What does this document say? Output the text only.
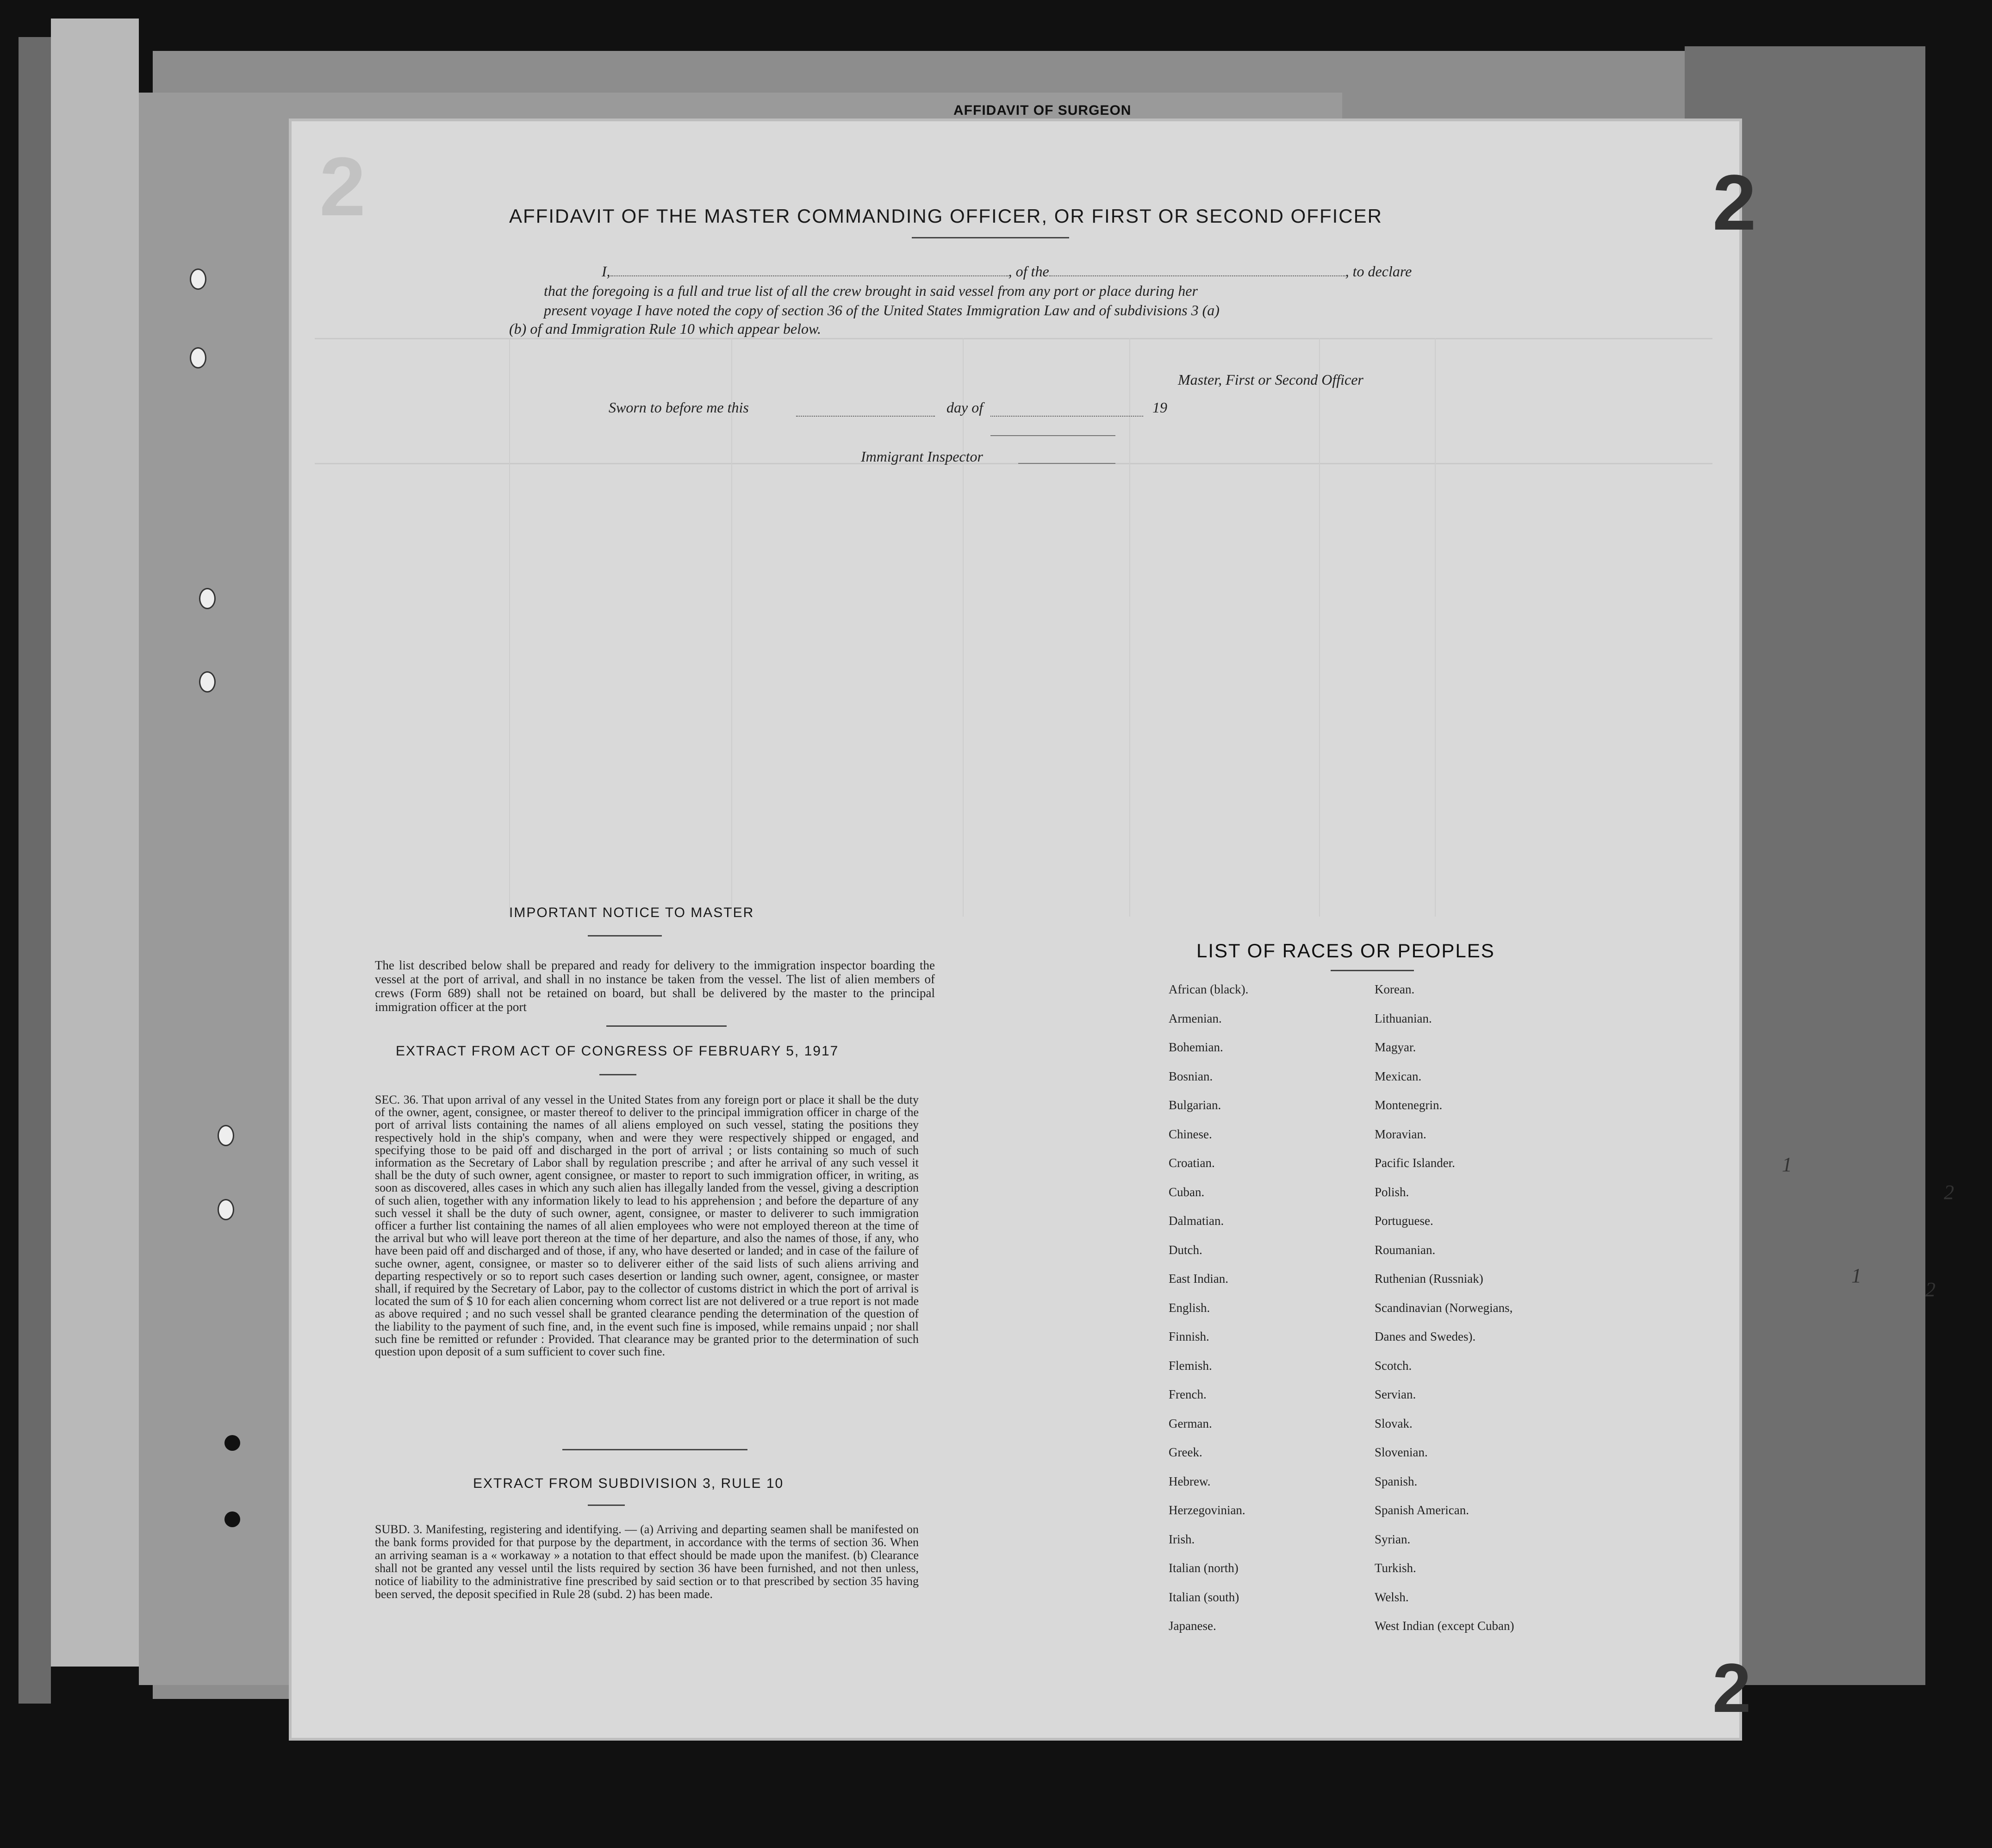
AFFIDAVIT OF SURGEON
2	2
2
AFFIDAVIT OF THE MASTER COMMANDING OFFICER, OR FIRST OR SECOND OFFICER
I,	, of the	, to declare
that the foregoing is a full and true list of all the crew brought in said vessel from any port or place during her
present voyage I have noted the copy of section 36 of the United States Immigration Law and of subdivisions 3 (a)
(b) of and Immigration Rule 10 which appear below.
Master, First or Second Officer
Sworn to before me this	day of	19
Immigrant Inspector
IMPORTANT NOTICE TO MASTER
The list described below shall be prepared and ready for delivery to the immigration inspector boarding the vessel at the port of arrival, and shall in no instance be taken from the vessel. The list of alien members of crews (Form 689) shall not be retained on board, but shall be delivered by the master to the principal immigration officer at the port
EXTRACT FROM ACT OF CONGRESS OF FEBRUARY 5, 1917
SEC. 36. That upon arrival of any vessel in the United States from any foreign port or place it shall be the duty of the owner, agent, consignee, or master thereof to deliver to the principal immigration officer in charge of the port of arrival lists containing the names of all aliens employed on such vessel, stating the positions they respectively hold in the ship's company, when and were they were respectively shipped or engaged, and specifying those to be paid off and discharged in the port of arrival ; or lists containing so much of such information as the Secretary of Labor shall by regulation prescribe ; and after he arrival of any such vessel it shall be the duty of such owner, agent consignee, or master to report to such immigration officer, in writing, as soon as discovered, alles cases in which any such alien has illegally landed from the vessel, giving a description of such alien, together with any information likely to lead to his apprehension ; and before the departure of any such vessel it shall be the duty of such owner, agent, consignee, or master to deliverer to such immigration officer a further list containing the names of all alien employees who were not employed thereon at the time of the arrival but who will leave port thereon at the time of her departure, and also the names of those, if any, who have been paid off and discharged and of those, if any, who have deserted or landed; and in case of the failure of suche owner, agent, consignee, or master so to deliverer either of the said lists of such aliens arriving and departing respectively or so to report such cases desertion or landing such owner, agent, consignee, or master shall, if required by the Secretary of Labor, pay to the collector of customs district in which the port of arrival is located the sum of $ 10 for each alien concerning whom correct list are not delivered or a true report is not made as above required ; and no such vessel shall be granted clearance pending the determination of the question of the liability to the payment of such fine, and, in the event such fine is imposed, while remains unpaid ; nor shall such fine be remitted or refunder : Provided. That clearance may be granted prior to the determination of such question upon deposit of a sum sufficient to cover such fine.
EXTRACT FROM SUBDIVISION 3, RULE 10
SUBD. 3. Manifesting, registering and identifying. — (a) Arriving and departing seamen shall be manifested on the bank forms provided for that purpose by the department, in accordance with the terms of section 36. When an arriving seaman is a « workaway » a notation to that effect should be made upon the manifest. (b) Clearance shall not be granted any vessel until the lists required by section 36 have been furnished, and not then unless, notice of liability to the administrative fine prescribed by said section or to that prescribed by section 35 having been served, the deposit specified in Rule 28 (subd. 2) has been made.
LIST OF RACES OR PEOPLES
African (black).
Armenian.
Bohemian.
Bosnian.
Bulgarian.
Chinese.
Croatian.
Cuban.
Dalmatian.
Dutch.
East Indian.
English.
Finnish.
Flemish.
French.
German.
Greek.
Hebrew.
Herzegovinian.
Irish.
Italian (north)
Italian (south)
Japanese.
Korean.
Lithuanian.
Magyar.
Mexican.
Montenegrin.
Moravian.
Pacific Islander.
Polish.
Portuguese.
Roumanian.
Ruthenian (Russniak)
Scandinavian (Norwegians,
Danes and Swedes).
Scotch.
Servian.
Slovak.
Slovenian.
Spanish.
Spanish American.
Syrian.
Turkish.
Welsh.
West Indian (except Cuban)
1
2
1
2
